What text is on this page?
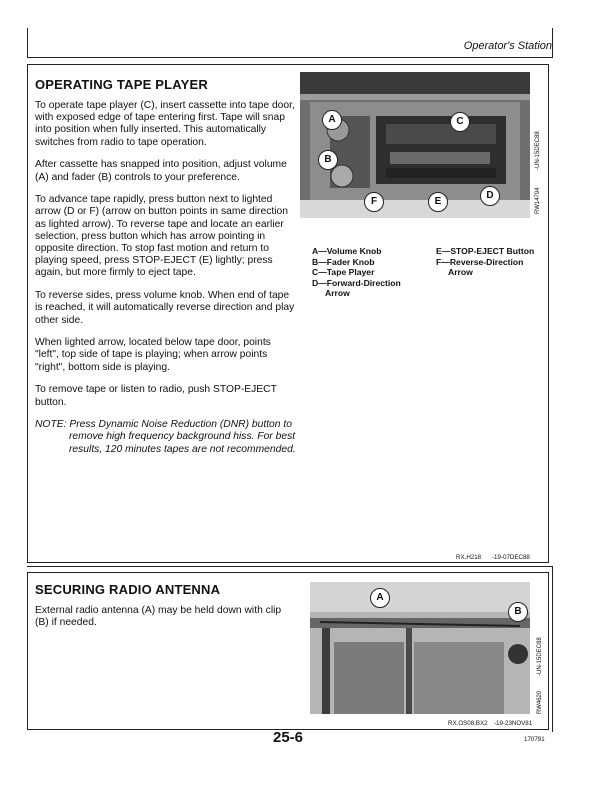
Operator's Station
OPERATING TAPE PLAYER

To operate tape player (C), insert cassette into tape door, with exposed edge of tape entering first. Tape will snap into position when fully inserted. This automatically switches from radio to tape operation.

After cassette has snapped into position, adjust volume (A) and fader (B) controls to your preference.

To advance tape rapidly, press button next to lighted arrow (D or F) (arrow on button points in same direction as lighted arrow). To reverse tape and locate an earlier selection, press button which has arrow pointing in opposite direction. To stop fast motion and return to playing speed, press STOP-EJECT (E) lightly; press again, but more firmly to eject tape.

To reverse sides, press volume knob. When end of tape is reached, it will automatically reverse direction and play other side.

When lighted arrow, located below tape door, points "left", top side of tape is playing; when arrow points "right", bottom side is playing.

To remove tape or listen to radio, push STOP-EJECT button.

NOTE: Press Dynamic Noise Reduction (DNR) button to
remove high frequency background hiss. For best
results, 120 minutes tapes are not recommended.
A
B
C
D
E
F
-UN-15DEC88
RW14794
A—Volume Knob
B—Fader Knob
C—Tape Player
D—Forward-Direction
Arrow
E—STOP-EJECT Button
F—Reverse-Direction
Arrow
RX,H218 -19-07DEC88
SECURING RADIO ANTENNA
External radio antenna (A) may be held down with clip (B) if needed.
A
B
-UN-15DEC88
RW4620
RX,OS08,BX2 -19-23NOV81
25-6	170791
